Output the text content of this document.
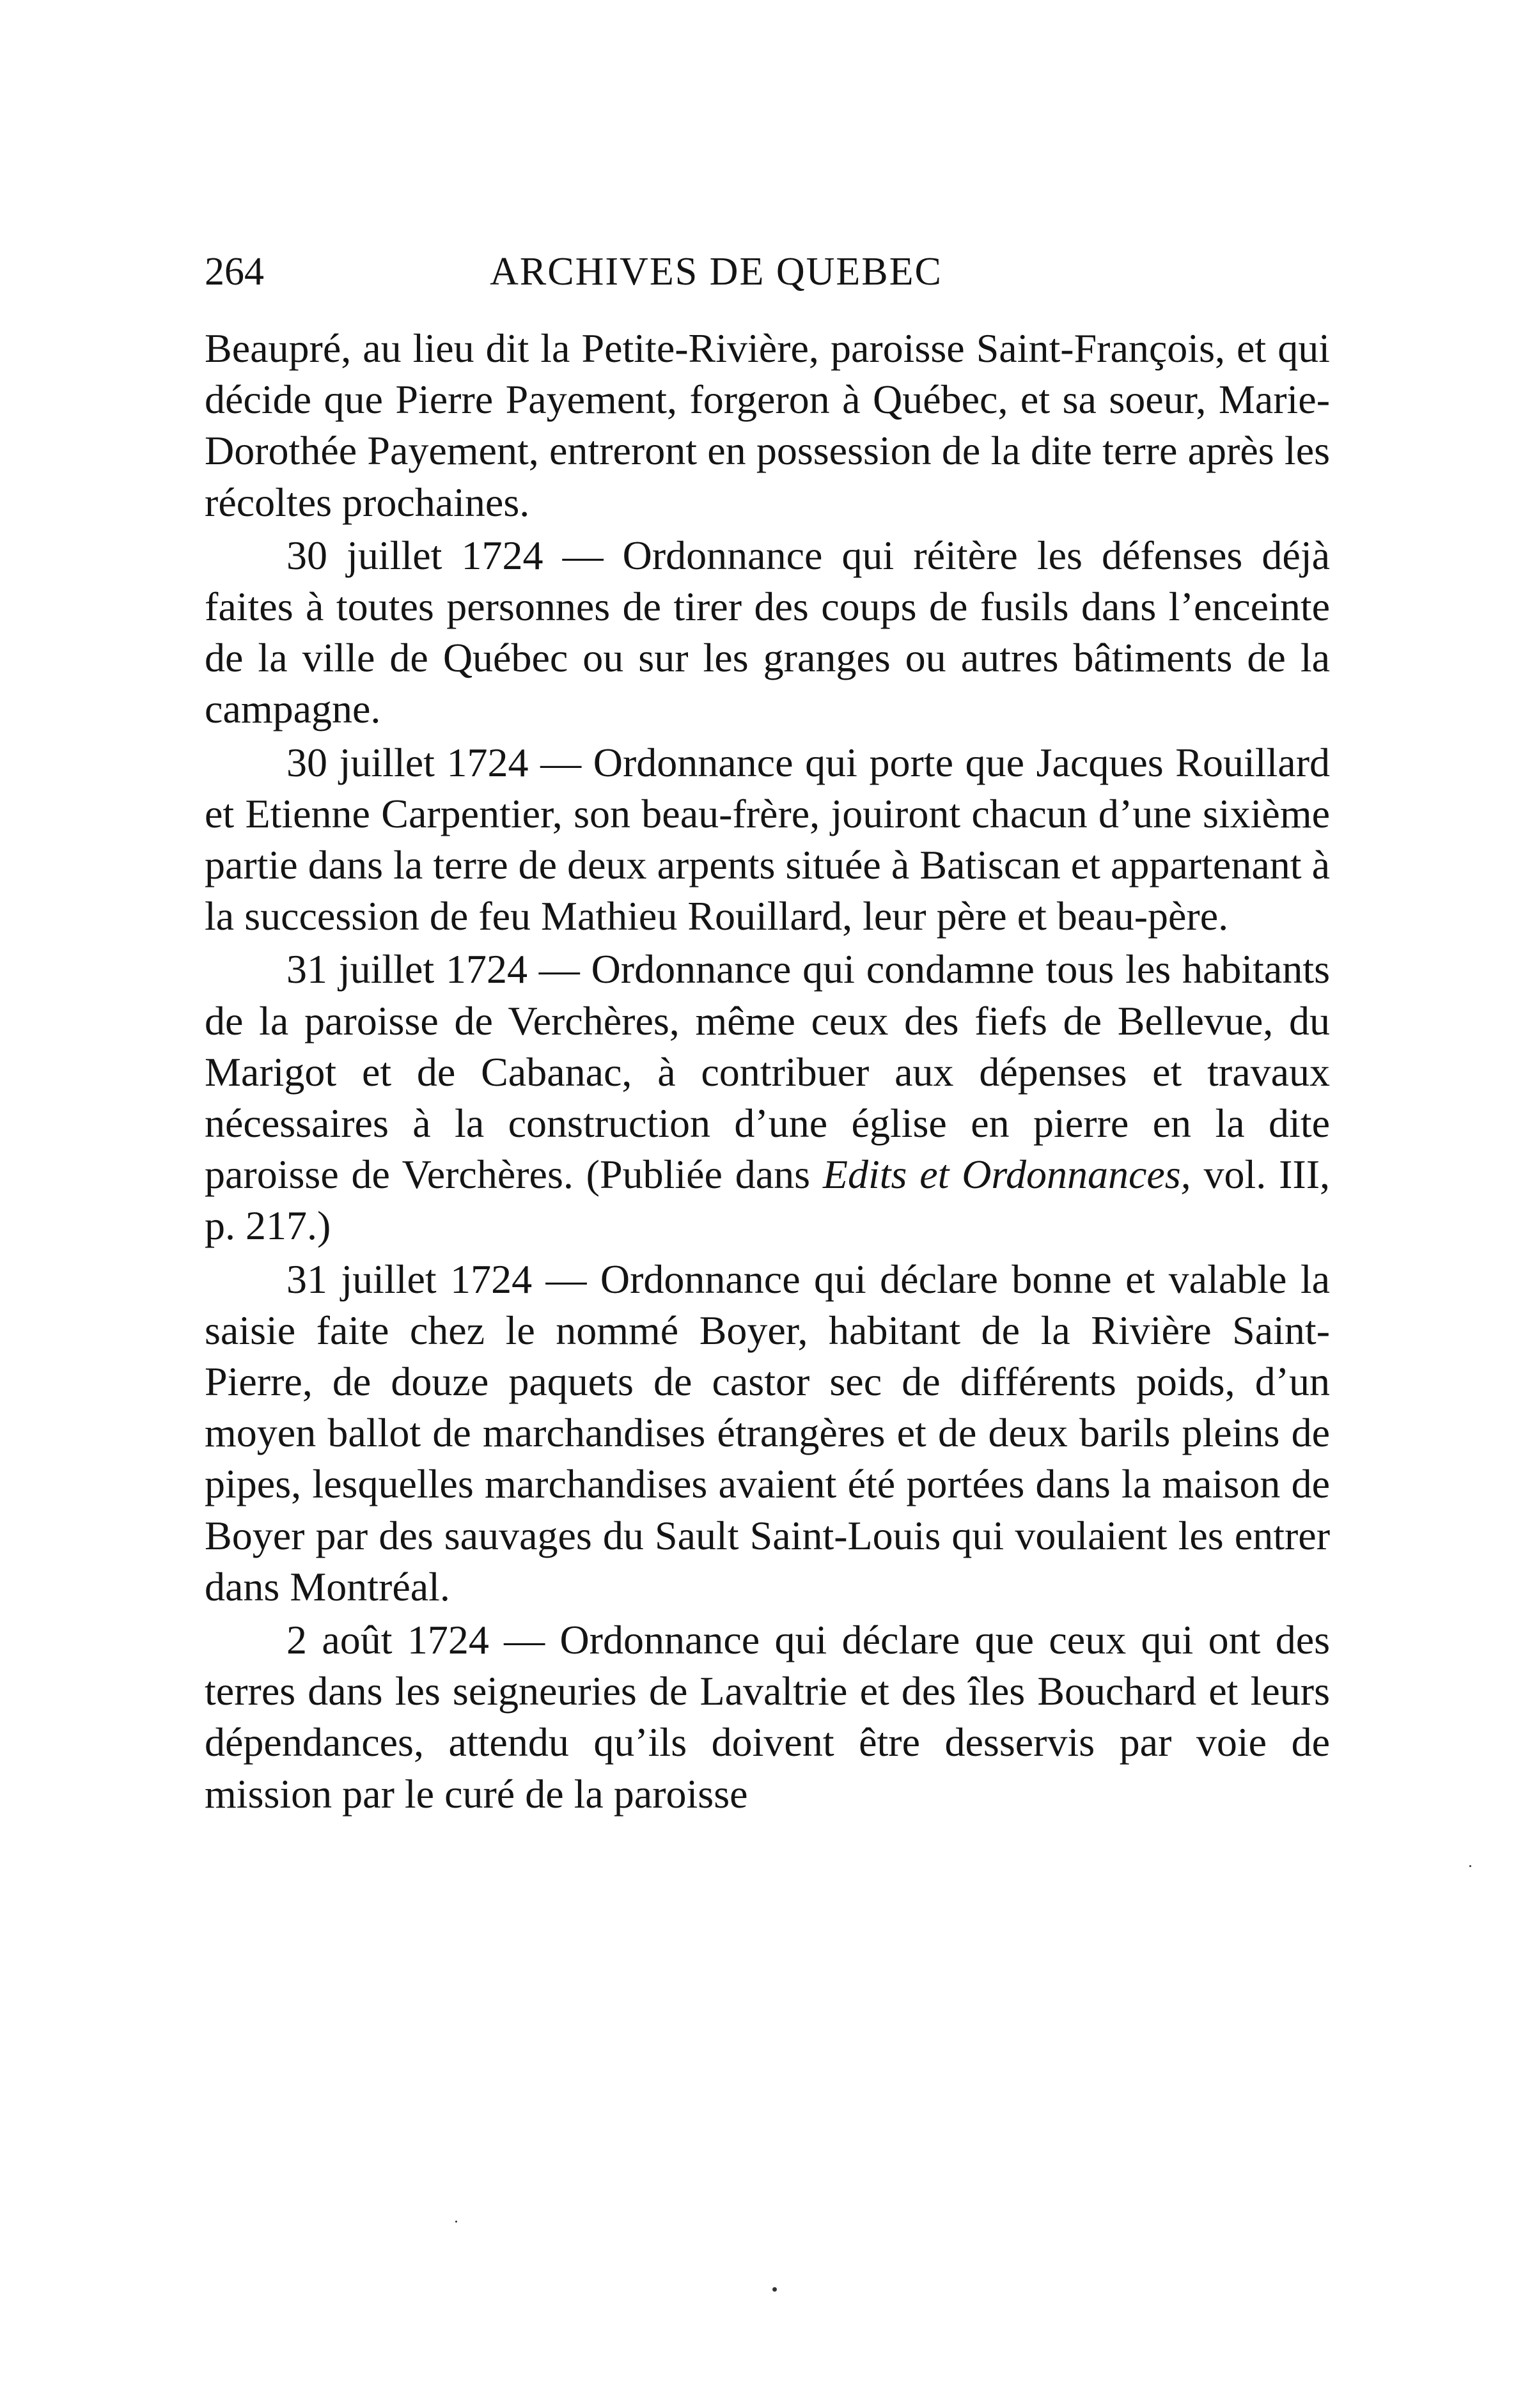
264	ARCHIVES DE QUEBEC

Beaupré, au lieu dit la Petite-Rivière, paroisse Saint-François, et qui décide que Pierre Payement, forgeron à Québec, et sa soeur, Marie-Dorothée Payement, entreront en possession de la dite terre après les récoltes prochaines.

30 juillet 1724 — Ordonnance qui réitère les défenses déjà faites à toutes personnes de tirer des coups de fusils dans l’enceinte de la ville de Québec ou sur les granges ou autres bâtiments de la campagne.

30 juillet 1724 — Ordonnance qui porte que Jacques Rouillard et Etienne Carpentier, son beau-frère, jouiront chacun d’une sixième partie dans la terre de deux arpents située à Batiscan et appartenant à la succession de feu Mathieu Rouillard, leur père et beau-père.

31 juillet 1724 — Ordonnance qui condamne tous les habitants de la paroisse de Verchères, même ceux des fiefs de Bellevue, du Marigot et de Cabanac, à contribuer aux dépenses et travaux nécessaires à la construction d’une église en pierre en la dite paroisse de Verchères. (Publiée dans Edits et Ordonnances, vol. III, p. 217.)

31 juillet 1724 — Ordonnance qui déclare bonne et valable la saisie faite chez le nommé Boyer, habitant de la Rivière Saint-Pierre, de douze paquets de castor sec de différents poids, d’un moyen ballot de marchandises étrangères et de deux barils pleins de pipes, lesquelles marchandises avaient été portées dans la maison de Boyer par des sauvages du Sault Saint-Louis qui voulaient les entrer dans Montréal.

2 août 1724 — Ordonnance qui déclare que ceux qui ont des terres dans les seigneuries de Lavaltrie et des îles Bouchard et leurs dépendances, attendu qu’ils doivent être desservis par voie de mission par le curé de la paroisse
